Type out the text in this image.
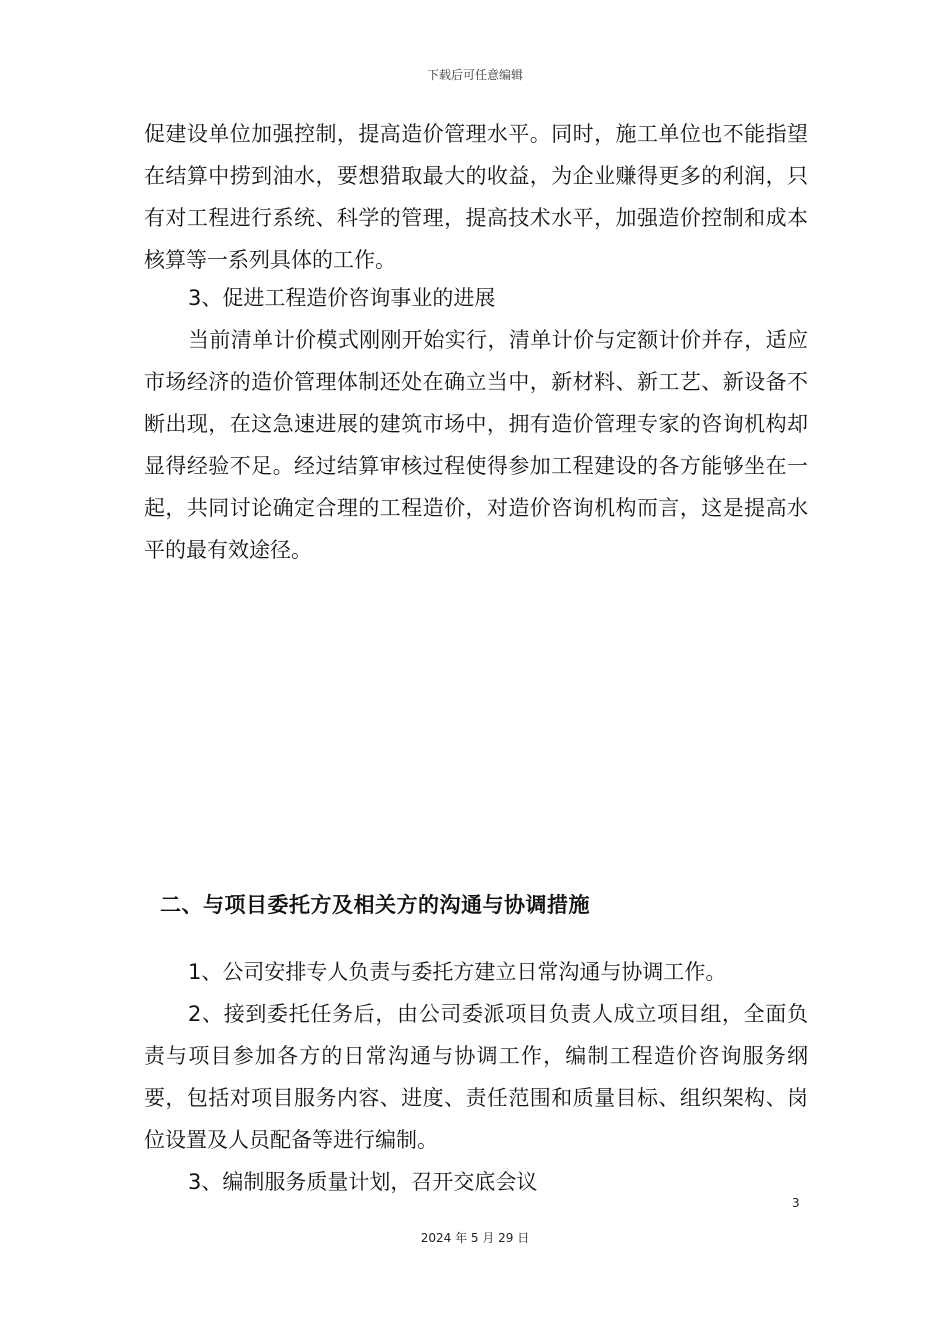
下载后可任意编辑

促建设单位加强控制，提高造价管理水平。同时，施工单位也不能指望在结算中捞到油水，要想猎取最大的收益，为企业赚得更多的利润，只有对工程进行系统、科学的管理，提高技术水平，加强造价控制和成本核算等一系列具体的工作。

3、促进工程造价咨询事业的进展

当前清单计价模式刚刚开始实行，清单计价与定额计价并存，适应市场经济的造价管理体制还处在确立当中，新材料、新工艺、新设备不断出现，在这急速进展的建筑市场中，拥有造价管理专家的咨询机构却显得经验不足。经过结算审核过程使得参加工程建设的各方能够坐在一起，共同讨论确定合理的工程造价，对造价咨询机构而言，这是提高水平的最有效途径。

二、与项目委托方及相关方的沟通与协调措施

1、公司安排专人负责与委托方建立日常沟通与协调工作。

2、接到委托任务后，由公司委派项目负责人成立项目组，全面负责与项目参加各方的日常沟通与协调工作，编制工程造价咨询服务纲要，包括对项目服务内容、进度、责任范围和质量目标、组织架构、岗位设置及人员配备等进行编制。

3、编制服务质量计划，召开交底会议

3
2024 年 5 月 29 日
